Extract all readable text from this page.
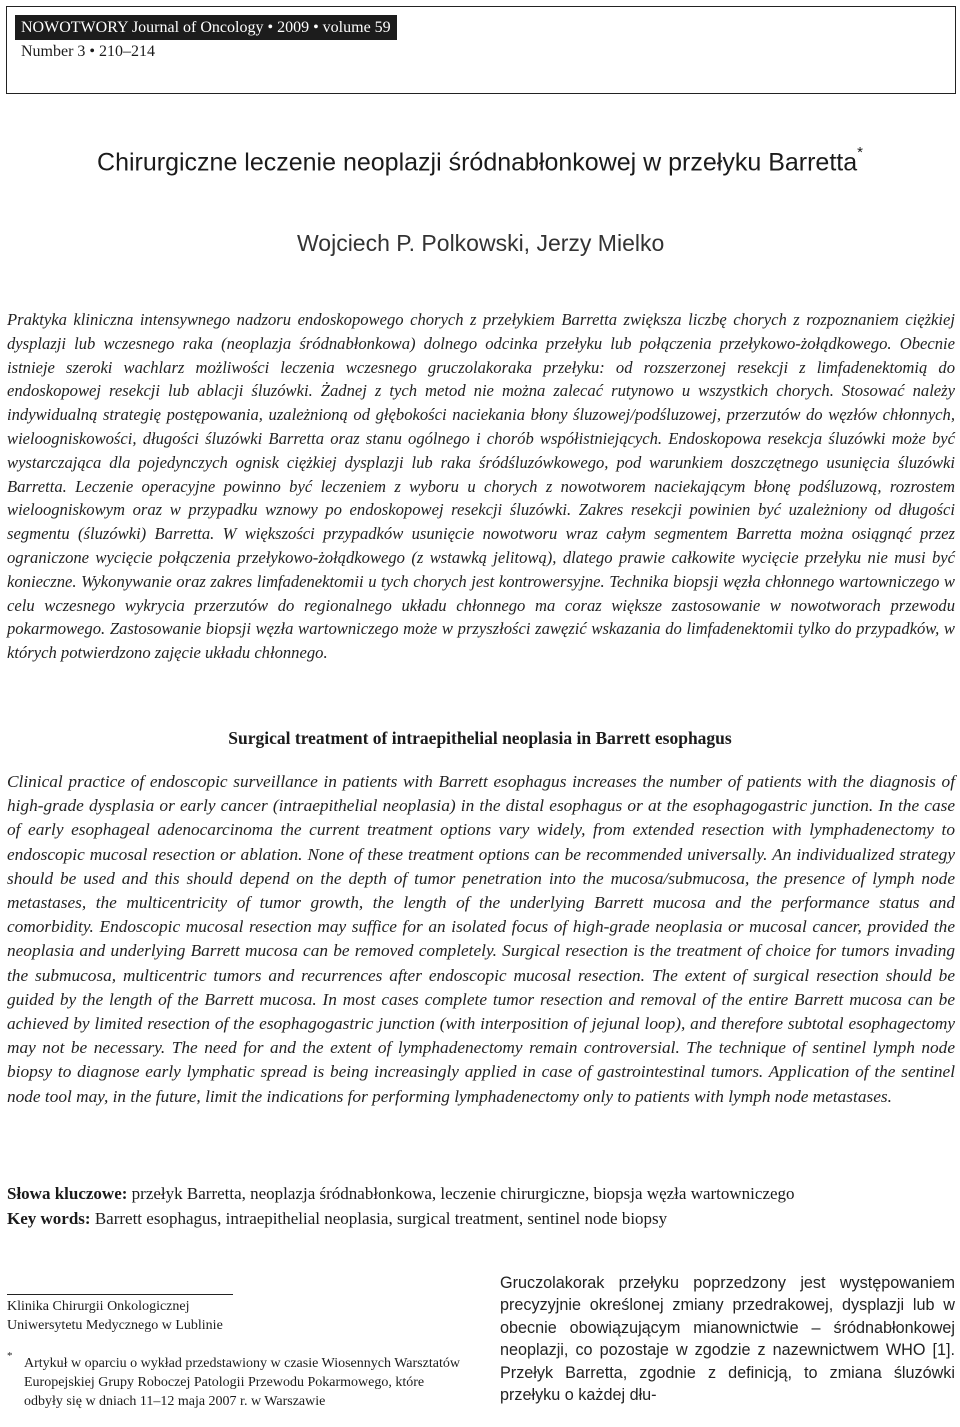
NOWOTWORY Journal of Oncology • 2009 • volume 59
Number 3 • 210–214
Chirurgiczne leczenie neoplazji śródnabłonkowej w przełyku Barretta*
Wojciech P. Polkowski, Jerzy Mielko
Praktyka kliniczna intensywnego nadzoru endoskopowego chorych z przełykiem Barretta zwiększa liczbę chorych z rozpoznaniem ciężkiej dysplazji lub wczesnego raka (neoplazja śródnabłonkowa) dolnego odcinka przełyku lub połączenia przełykowo-żołądkowego. Obecnie istnieje szeroki wachlarz możliwości leczenia wczesnego gruczolakoraka przełyku: od rozszerzonej resekcji z limfadenektomią do endoskopowej resekcji lub ablacji śluzówki. Żadnej z tych metod nie można zalecać rutynowo u wszystkich chorych. Stosować należy indywidualną strategię postępowania, uzależnioną od głębokości naciekania błony śluzowej/podśluzowej, przerzutów do węzłów chłonnych, wieloogniskowości, długości śluzówki Barretta oraz stanu ogólnego i chorób współistniejących. Endoskopowa resekcja śluzówki może być wystarczająca dla pojedynczych ognisk ciężkiej dysplazji lub raka śródśluzówkowego, pod warunkiem doszczętnego usunięcia śluzówki Barretta. Leczenie operacyjne powinno być leczeniem z wyboru u chorych z nowotworem naciekającym błonę podśluzową, rozrostem wieloogniskowym oraz w przypadku wznowy po endoskopowej resekcji śluzówki. Zakres resekcji powinien być uzależniony od długości segmentu (śluzówki) Barretta. W większości przypadków usunięcie nowotworu wraz całym segmentem Barretta można osiągnąć przez ograniczone wycięcie połączenia przełykowo-żołądkowego (z wstawką jelitową), dlatego prawie całkowite wycięcie przełyku nie musi być konieczne. Wykonywanie oraz zakres limfadenektomii u tych chorych jest kontrowersyjne. Technika biopsji węzła chłonnego wartowniczego w celu wczesnego wykrycia przerzutów do regionalnego układu chłonnego ma coraz większe zastosowanie w nowotworach przewodu pokarmowego. Zastosowanie biopsji węzła wartowniczego może w przyszłości zawęzić wskazania do limfadenektomii tylko do przypadków, w których potwierdzono zajęcie układu chłonnego.
Surgical treatment of intraepithelial neoplasia in Barrett esophagus
Clinical practice of endoscopic surveillance in patients with Barrett esophagus increases the number of patients with the diagnosis of high-grade dysplasia or early cancer (intraepithelial neoplasia) in the distal esophagus or at the esophagogastric junction. In the case of early esophageal adenocarcinoma the current treatment options vary widely, from extended resection with lymphadenectomy to endoscopic mucosal resection or ablation. None of these treatment options can be recommended universally. An individualized strategy should be used and this should depend on the depth of tumor penetration into the mucosa/submucosa, the presence of lymph node metastases, the multicentricity of tumor growth, the length of the underlying Barrett mucosa and the performance status and comorbidity. Endoscopic mucosal resection may suffice for an isolated focus of high-grade neoplasia or mucosal cancer, provided the neoplasia and underlying Barrett mucosa can be removed completely. Surgical resection is the treatment of choice for tumors invading the submucosa, multicentric tumors and recurrences after endoscopic mucosal resection. The extent of surgical resection should be guided by the length of the Barrett mucosa. In most cases complete tumor resection and removal of the entire Barrett mucosa can be achieved by limited resection of the esophagogastric junction (with interposition of jejunal loop), and therefore subtotal esophagectomy may not be necessary. The need for and the extent of lymphadenectomy remain controversial. The technique of sentinel lymph node biopsy to diagnose early lymphatic spread is being increasingly applied in case of gastrointestinal tumors. Application of the sentinel node tool may, in the future, limit the indications for performing lymphadenectomy only to patients with lymph node metastases.
Słowa kluczowe: przełyk Barretta, neoplazja śródnabłonkowa, leczenie chirurgiczne, biopsja węzła wartowniczego
Key words: Barrett esophagus, intraepithelial neoplasia, surgical treatment, sentinel node biopsy
Klinika Chirurgii Onkologicznej
Uniwersytetu Medycznego w Lublinie
* Artykuł w oparciu o wykład przedstawiony w czasie Wiosennych Warsztatów Europejskiej Grupy Roboczej Patologii Przewodu Pokarmowego, które odbyły się w dniach 11–12 maja 2007 r. w Warszawie
Gruczolakorak przełyku poprzedzony jest występowaniem precyzyjnie określonej zmiany przedrakowej, dysplazji lub w obecnie obowiązującym mianownictwie – śródnabłonkowej neoplazji, co pozostaje w zgodzie z nazewnictwem WHO [1]. Przełyk Barretta, zgodnie z definicją, to zmiana śluzówki przełyku o każdej dłu-
